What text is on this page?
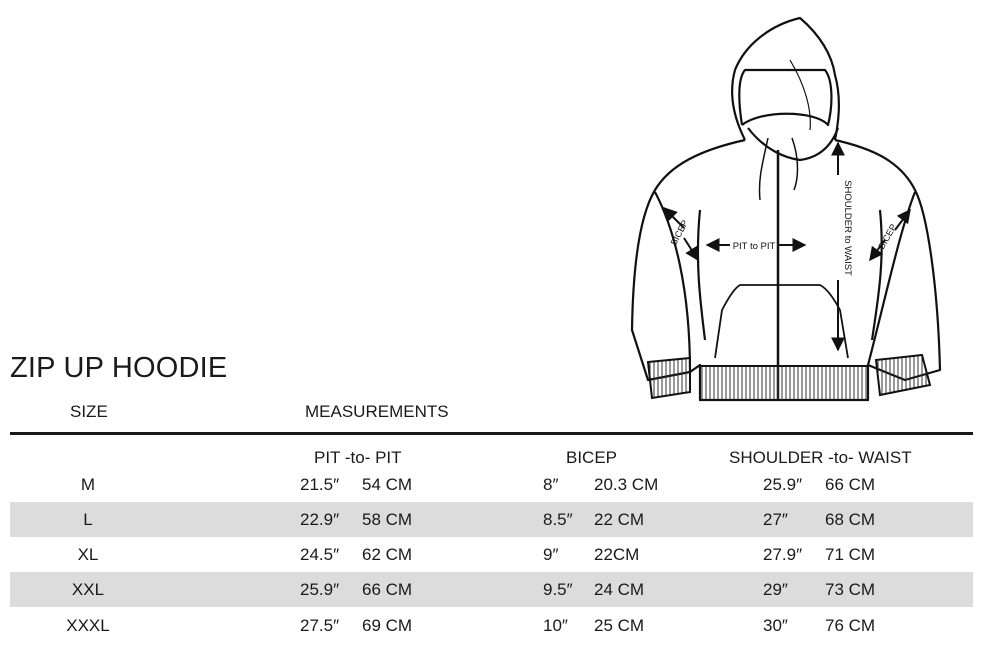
PIT to PIT	SHOULDER to WAIST
BICEP	BICEP
ZIP UP HOODIE
SIZE	MEASUREMENTS
PIT -to- PIT	BICEP	SHOULDER -to- WAIST
M	21.5″ 54 CM	8″ 20.3 CM	25.9″ 66 CM
L	22.9″ 58 CM	8.5″ 22 CM	27″ 68 CM
XL	24.5″ 62 CM	9″ 22CM	27.9″ 71 CM
XXL	25.9″ 66 CM	9.5″ 24 CM	29″ 73 CM
XXXL	27.5″ 69 CM	10″ 25 CM	30″ 76 CM
